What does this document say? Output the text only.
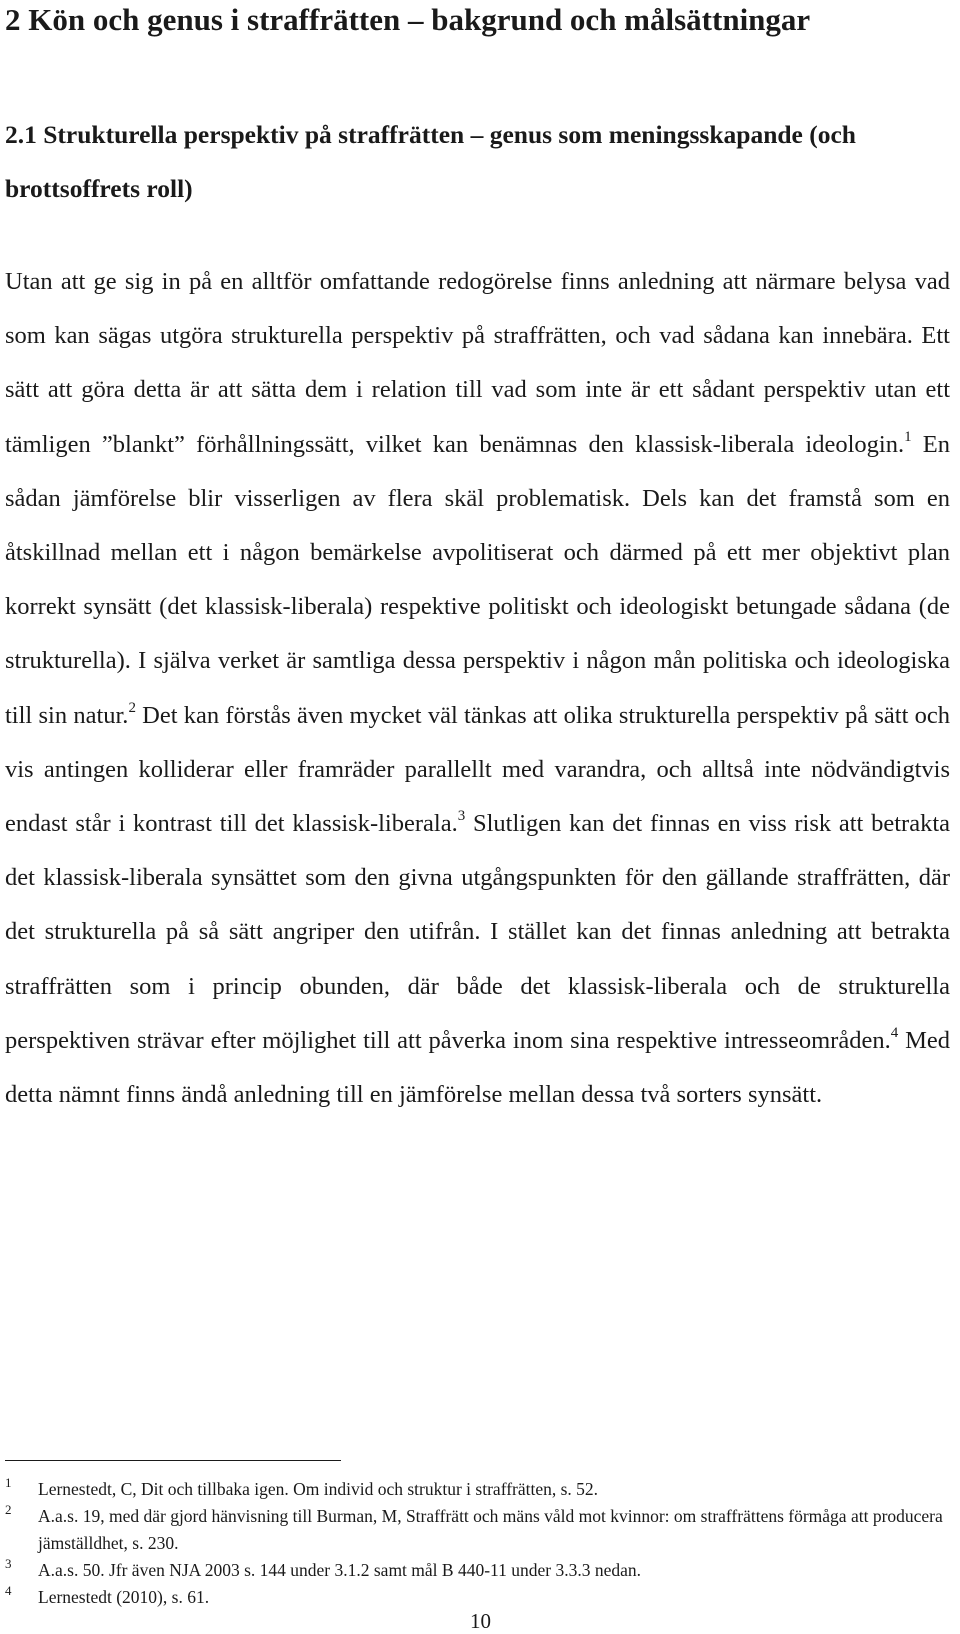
2 Kön och genus i straffrätten – bakgrund och målsättningar
2.1 Strukturella perspektiv på straffrätten – genus som meningsskapande (och brottsoffrets roll)

Utan att ge sig in på en alltför omfattande redogörelse finns anledning att närmare belysa vad som kan sägas utgöra strukturella perspektiv på straffrätten, och vad sådana kan innebära. Ett sätt att göra detta är att sätta dem i relation till vad som inte är ett sådant perspektiv utan ett tämligen ”blankt” förhållningssätt, vilket kan benämnas den klassisk-liberala ideologin.$^1$ En sådan jämförelse blir visserligen av flera skäl problematisk. Dels kan det framstå som en åtskillnad mellan ett i någon bemärkelse avpolitiserat och därmed på ett mer objektivt plan korrekt synsätt (det klassisk-liberala) respektive politiskt och ideologiskt betungade sådana (de strukturella). I själva verket är samtliga dessa perspektiv i någon mån politiska och ideologiska till sin natur.$^2$ Det kan förstås även mycket väl tänkas att olika strukturella perspektiv på sätt och vis antingen kolliderar eller framräder parallellt med varandra, och alltså inte nödvändigtvis endast står i kontrast till det klassisk-liberala.$^3$ Slutligen kan det finnas en viss risk att betrakta det klassisk-liberala synsättet som den givna utgångspunkten för den gällande straffrätten, där det strukturella på så sätt angriper den utifrån. I stället kan det finnas anledning att betrakta straffrätten som i princip obunden, där både det klassisk-liberala och de strukturella perspektiven strävar efter möjlighet till att påverka inom sina respektive intresseområden.$^4$ Med detta nämnt finns ändå anledning till en jämförelse mellan dessa två sorters synsätt.

1 Lernestedt, C, Dit och tillbaka igen. Om individ och struktur i straffrätten, s. 52.
2 A.a.s. 19, med där gjord hänvisning till Burman, M, Straffrätt och mäns våld mot kvinnor: om straffrättens förmåga att producera jämställdhet, s. 230.
3 A.a.s. 50. Jfr även NJA 2003 s. 144 under 3.1.2 samt mål B 440-11 under 3.3.3 nedan.
4 Lernestedt (2010), s. 61.
10
